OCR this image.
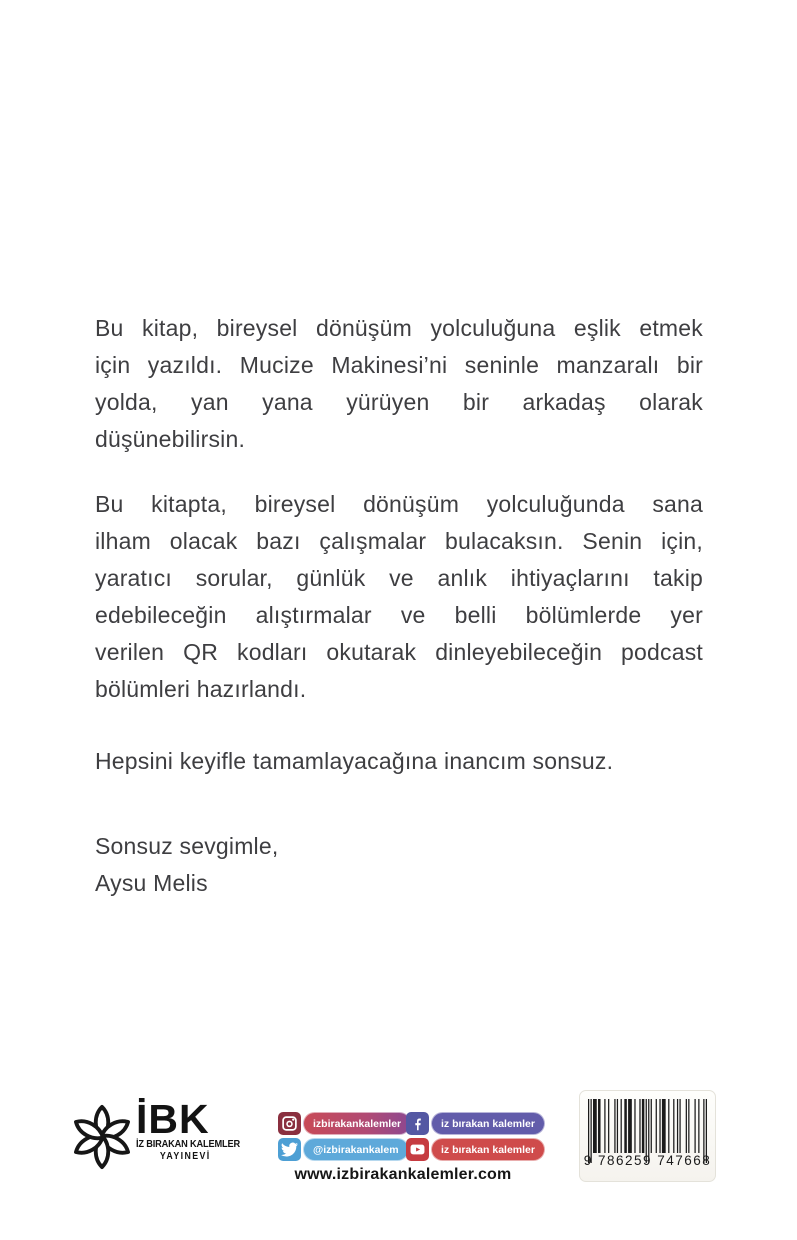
Bu kitap, bireysel dönüşüm yolculuğuna eşlik etmek
için yazıldı. Mucize Makinesi’ni seninle manzaralı bir
yolda, yan yana yürüyen bir arkadaş olarak
düşünebilirsin.

Bu kitapta, bireysel dönüşüm yolculuğunda sana
ilham olacak bazı çalışmalar bulacaksın. Senin için,
yaratıcı sorular, günlük ve anlık ihtiyaçlarını takip
edebileceğin alıştırmalar ve belli bölümlerde yer
verilen QR kodları okutarak dinleyebileceğin podcast
bölümleri hazırlandı.

Hepsini keyifle tamamlayacağına inancım sonsuz.

Sonsuz sevgimle,
Aysu Melis

İBK
İZ BIRAKAN KALEMLER
YAYINEVİ
izbirakankalemler	iz bırakan kalemler
@izbirakankalem	iz bırakan kalemler
www.izbirakankalemler.com
9 786259 747668
